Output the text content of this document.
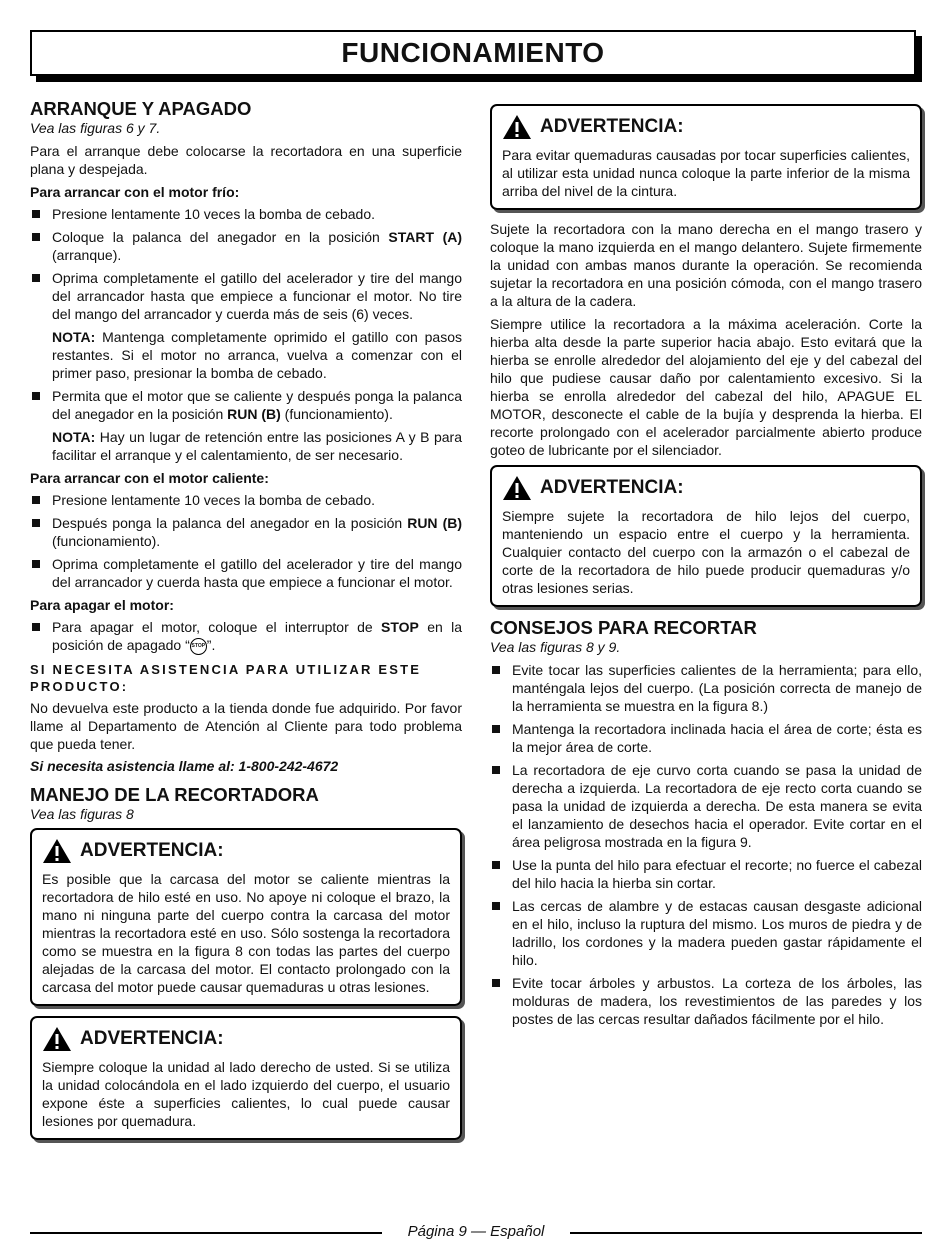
FUNCIONAMIENTO
ARRANQUE Y APAGADO
Vea las figuras 6 y 7.

Para el arranque debe colocarse la recortadora en una superficie plana y despejada.

Para arrancar con el motor frío:
Presione lentamente 10 veces la bomba de cebado.
Coloque la palanca del anegador en la posición START (A) (arranque).
Oprima completamente el gatillo del acelerador y tire del mango del arrancador hasta que empiece a funcionar el motor. No tire del mango del arrancador y cuerda más de seis (6) veces.
NOTA: Mantenga completamente oprimido el gatillo con pasos restantes. Si el motor no arranca, vuelva a comenzar con el primer paso, presionar la bomba de cebado.
Permita que el motor que se caliente y después ponga la palanca del anegador en la posición RUN (B) (funcionamiento).
NOTA: Hay un lugar de retención entre las posiciones A y B para facilitar el arranque y el calentamiento, de ser necesario.
Para arrancar con el motor caliente:
Presione lentamente 10 veces la bomba de cebado.
Después ponga la palanca del anegador en la posición RUN (B) (funcionamiento).
Oprima completamente el gatillo del acelerador y tire del mango del arrancador y cuerda hasta que empiece a funcionar el motor.
Para apagar el motor:
Para apagar el motor, coloque el interruptor de STOP en la posición de apagado “ STOP ”.
SI NECESITA ASISTENCIA PARA UTILIZAR ESTE PRODUCTO:

No devuelva este producto a la tienda donde fue adquirido. Por favor llame al Departamento de Atención al Cliente para todo problema que pueda tener.

Si necesita asistencia llame al: 1-800-242-4672
MANEJO DE LA RECORTADORA
Vea las figuras 8
ADVERTENCIA:

Es posible que la carcasa del motor se caliente mientras la recortadora de hilo esté en uso. No apoye ni coloque el brazo, la mano ni ninguna parte del cuerpo contra la carcasa del motor mientras la recortadora esté en uso. Sólo sostenga la recortadora como se muestra en la figura 8 con todas las partes del cuerpo alejadas de la carcasa del motor. El contacto prolongado con la carcasa del motor puede causar quemaduras u otras lesiones.

ADVERTENCIA:

Siempre coloque la unidad al lado derecho de usted. Si se utiliza la unidad colocándola en el lado izquierdo del cuerpo, el usuario expone éste a superficies calientes, lo cual puede causar lesiones por quemadura.

ADVERTENCIA:

Para evitar quemaduras causadas por tocar superficies calientes, al utilizar esta unidad nunca coloque la parte inferior de la misma arriba del nivel de la cintura.

Sujete la recortadora con la mano derecha en el mango trasero y coloque la mano izquierda en el mango delantero. Sujete firmemente la unidad con ambas manos durante la operación. Se recomienda sujetar la recortadora en una posición cómoda, con el mango trasero a la altura de la cadera.

Siempre utilice la recortadora a la máxima aceleración. Corte la hierba alta desde la parte superior hacia abajo. Esto evitará que la hierba se enrolle alrededor del alojamiento del eje y del cabezal del hilo que pudiese causar daño por calentamiento excesivo. Si la hierba se enrolla alrededor del cabezal del hilo, APAGUE EL MOTOR, desconecte el cable de la bujía y desprenda la hierba. El recorte prolongado con el acelerador parcialmente abierto produce goteo de lubricante por el silenciador.

ADVERTENCIA:

Siempre sujete la recortadora de hilo lejos del cuerpo, manteniendo un espacio entre el cuerpo y la herramienta. Cualquier contacto del cuerpo con la armazón o el cabezal de corte de la recortadora de hilo puede producir quemaduras y/o otras lesiones serias.

CONSEJOS PARA RECORTAR
Vea las figuras 8 y 9.
Evite tocar las superficies calientes de la herramienta; para ello, manténgala lejos del cuerpo. (La posición correcta de manejo de la herramienta se muestra en la figura 8.)
Mantenga la recortadora inclinada hacia el área de corte; ésta es la mejor área de corte.
La recortadora de eje curvo corta cuando se pasa la unidad de derecha a izquierda. La recortadora de eje recto corta cuando se pasa la unidad de izquierda a derecha. De esta manera se evita el lanzamiento de desechos hacia el operador. Evite cortar en el área peligrosa mostrada en la figura 9.
Use la punta del hilo para efectuar el recorte; no fuerce el cabezal del hilo hacia la hierba sin cortar.
Las cercas de alambre y de estacas causan desgaste adicional en el hilo, incluso la ruptura del mismo. Los muros de piedra y de ladrillo, los cordones y la madera pueden gastar rápidamente el hilo.
Evite tocar árboles y arbustos. La corteza de los árboles, las molduras de madera, los revestimientos de las paredes y los postes de las cercas resultar dañados fácilmente por el hilo.
Página 9 — Español
